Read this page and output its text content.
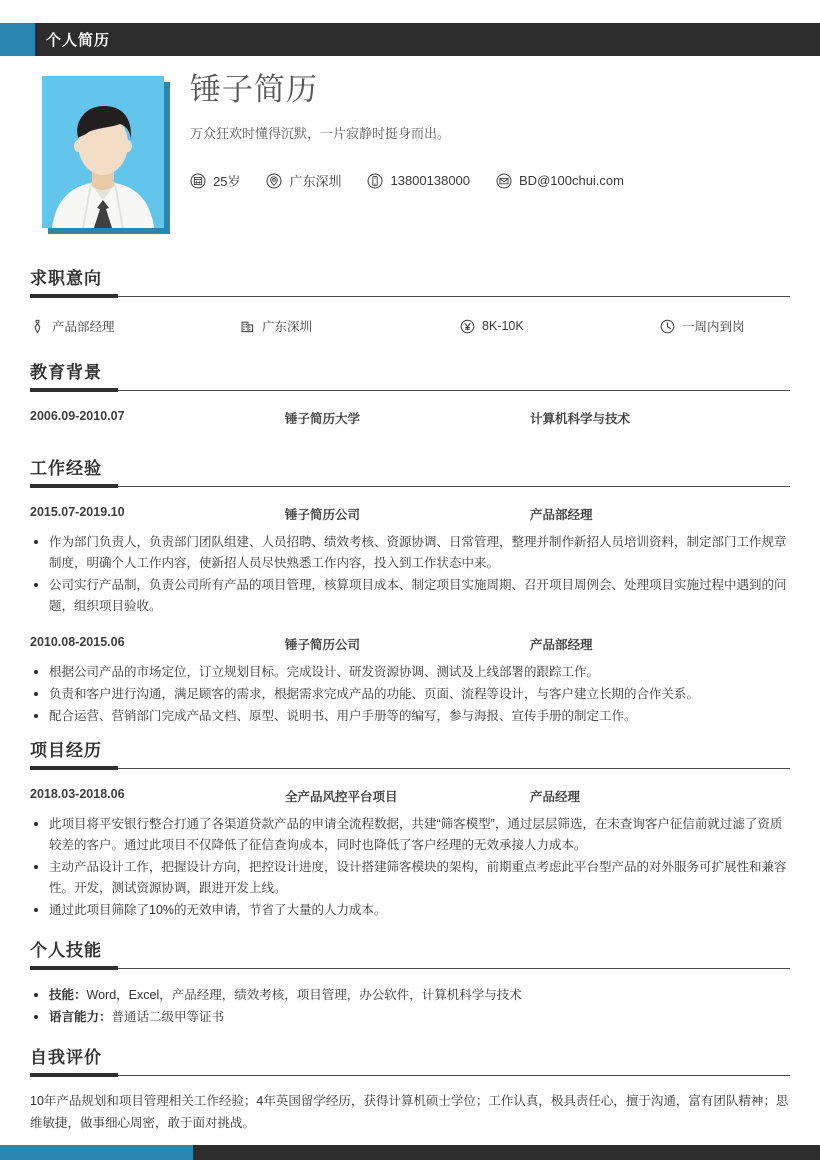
个人简历
锤子简历
万众狂欢时懂得沉默，一片寂静时挺身而出。
25岁	广东深圳	13800138000	BD@100chui.com
求职意向
产品部经理	广东深圳	8K-10K	一周内到岗
教育背景
2006.09-2010.07	锤子简历大学	计算机科学与技术
工作经验
2015.07-2019.10	锤子简历公司	产品部经理
作为部门负责人，负责部门团队组建、人员招聘、绩效考核、资源协调、日常管理，整理并制作新招人员培训资料，制定部门工作规章制度，明确个人工作内容，使新招人员尽快熟悉工作内容，投入到工作状态中来。
公司实行产品制，负责公司所有产品的项目管理，核算项目成本、制定项目实施周期、召开项目周例会、处理项目实施过程中遇到的问题，组织项目验收。
2010.08-2015.06	锤子简历公司	产品部经理
根据公司产品的市场定位，订立规划目标。完成设计、研发资源协调、测试及上线部署的跟踪工作。
负责和客户进行沟通，满足顾客的需求，根据需求完成产品的功能、页面、流程等设计，与客户建立长期的合作关系。
配合运营、营销部门完成产品文档、原型、说明书、用户手册等的编写，参与海报、宣传手册的制定工作。
项目经历
2018.03-2018.06	全产品风控平台项目	产品经理
此项目将平安银行整合打通了各渠道贷款产品的申请全流程数据，共建“筛客模型”，通过层层筛选，在未查询客户征信前就过滤了资质较差的客户。通过此项目不仅降低了征信查询成本，同时也降低了客户经理的无效承接人力成本。
主动产品设计工作，把握设计方向，把控设计进度，设计搭建筛客模块的架构，前期重点考虑此平台型产品的对外服务可扩展性和兼容性。开发，测试资源协调，跟进开发上线。
通过此项目筛除了10%的无效申请，节省了大量的人力成本。
个人技能
技能：Word，Excel，产品经理，绩效考核，项目管理，办公软件，计算机科学与技术
语言能力：普通话二级甲等证书
自我评价
10年产品规划和项目管理相关工作经验；4年英国留学经历，获得计算机硕士学位；工作认真，极具责任心，擅于沟通，富有团队精神；思维敏捷，做事细心周密，敢于面对挑战。
